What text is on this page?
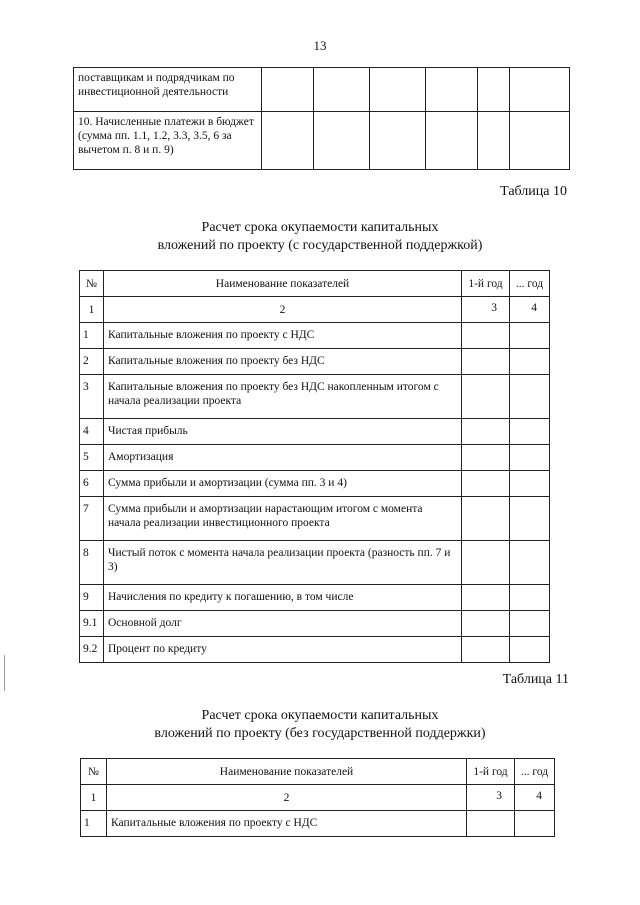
13
поставщикам и подрядчикам по инвестиционной деятельности						
10. Начисленные платежи в бюджет (сумма пп. 1.1, 1.2, 3.3, 3.5, 6 за вычетом п. 8 и п. 9)						
Таблица 10
Расчет срока окупаемости капитальных
вложений по проекту (с государственной поддержкой)
№	Наименование показателей	1-й год	... год
1	2	3	4
1	Капитальные вложения по проекту с НДС		
2	Капитальные вложения по проекту без НДС		
3	Капитальные вложения по проекту без НДС накопленным итогом с начала реализации проекта		
4	Чистая прибыль		
5	Амортизация		
6	Сумма прибыли и амортизации (сумма пп. 3 и 4)		
7	Сумма прибыли и амортизации нарастающим итогом с момента начала реализации инвестиционного проекта		
8	Чистый поток с момента начала реализации проекта (разность пп. 7 и 3)		
9	Начисления по кредиту к погашению, в том числе		
9.1	Основной долг		
9.2	Процент по кредиту		
Таблица 11
Расчет срока окупаемости капитальных
вложений по проекту (без государственной поддержки)
№	Наименование показателей	1-й год	... год
1	2	3	4
1	Капитальные вложения по проекту с НДС		
